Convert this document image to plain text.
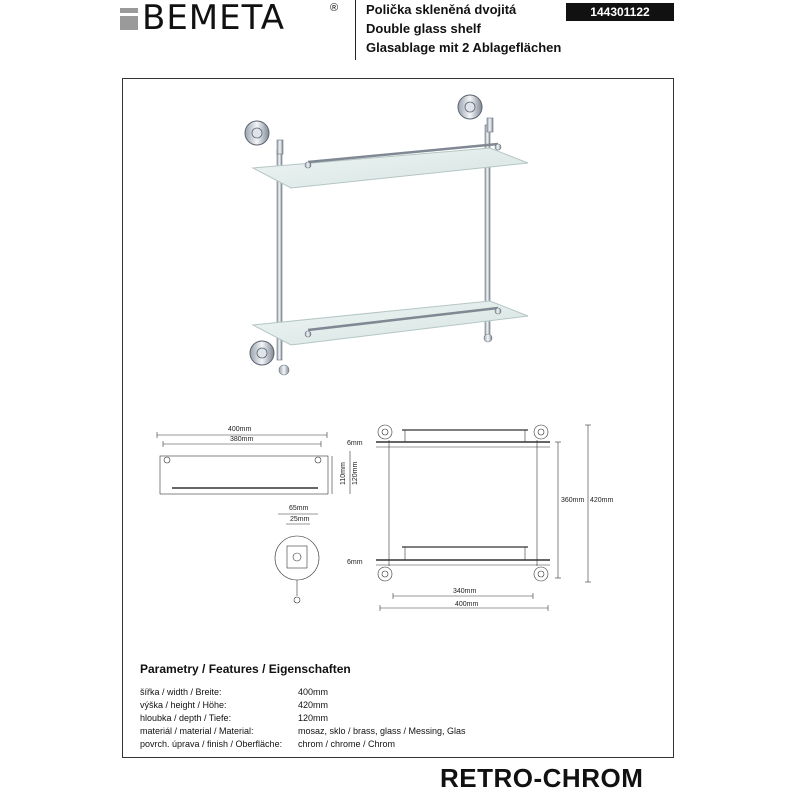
BEMETA	® Polička skleněná dvojitá
Double glass shelf
Glasablage mit 2 Ablageflächen
144301122
400mm
380mm
110mm 120mm
65mm
25mm
6mm
6mm
360mm 420mm
340mm
400mm
Parametry / Features / Eigenschaften
šířka / width / Breite:	400mm
výška / height / Höhe:	420mm
hloubka / depth / Tiefe:	120mm
materiál / material / Material:	mosaz, sklo / brass, glass / Messing, Glas
povrch. úprava / finish / Oberfläche:	chrom / chrome / Chrom
RETRO-CHROM
